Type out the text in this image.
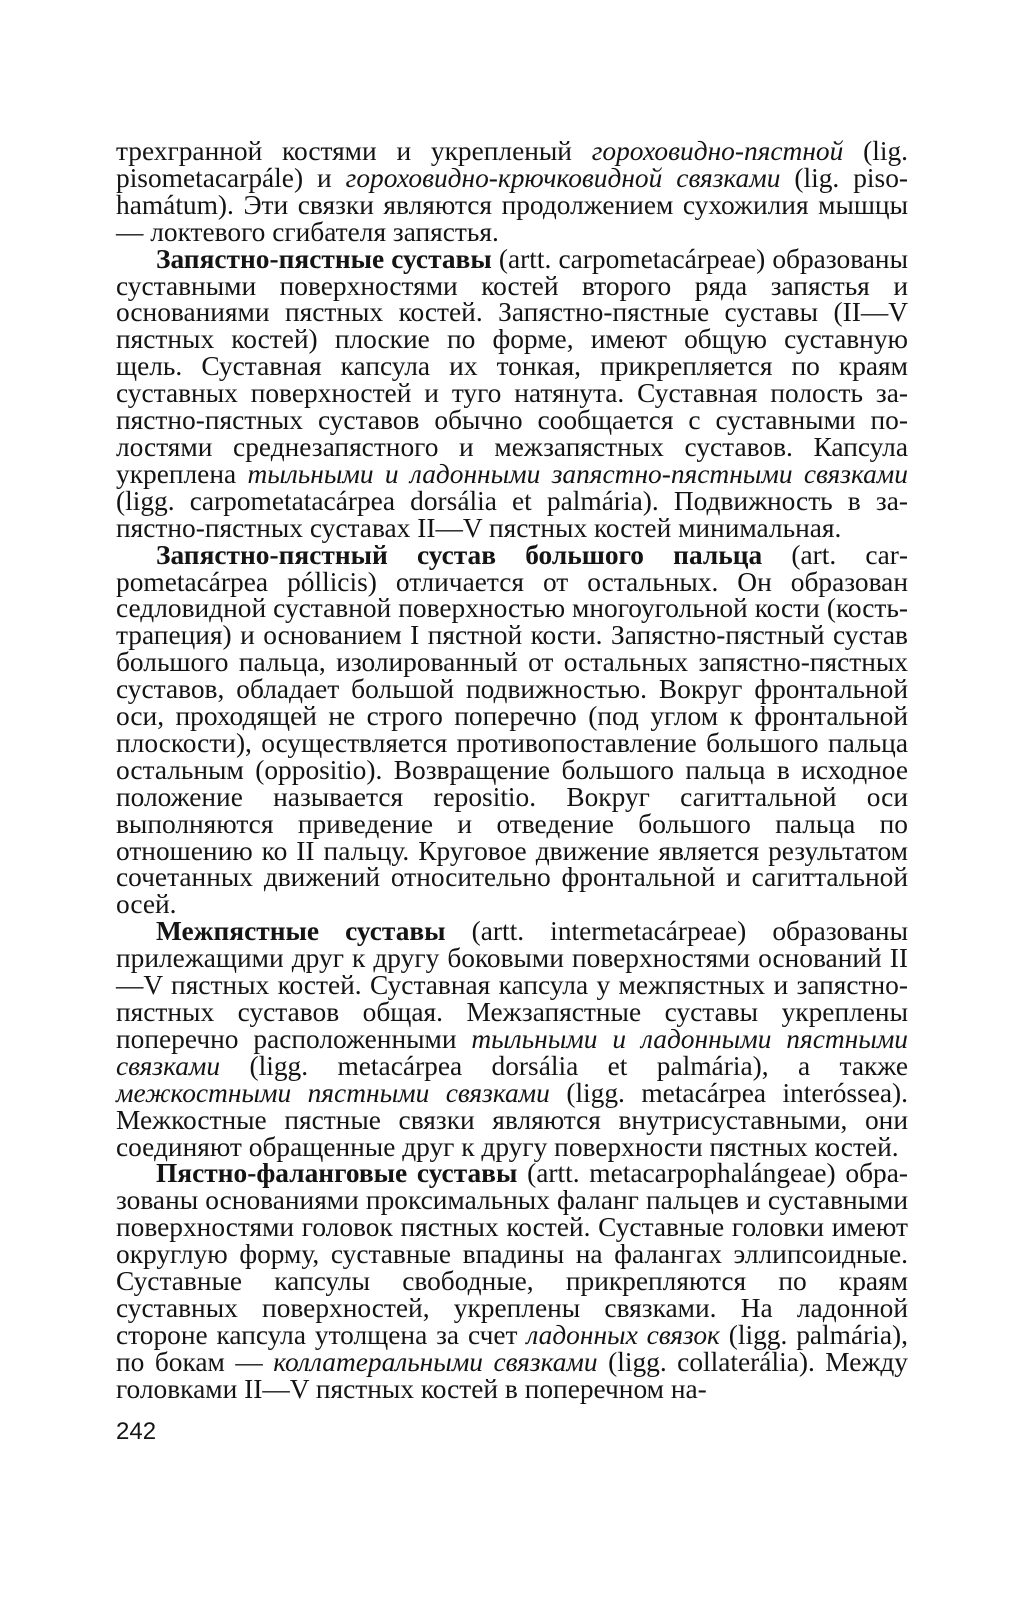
трехгранной костями и укрепленый гороховидно-пястной (lig. pisometacarpále) и гороховидно-крючковидной связками (lig. pisohamátum). Эти связки являются продолжением сухожилия мышцы — локтевого сгибателя запястья.

Запястно-пястные суставы (artt. carpometacárpeae) образованы суставными поверхностями костей второго ряда запястья и основаниями пястных костей. Запястно-пястные суставы (II—V пястных костей) плоские по форме, имеют общую суставную щель. Суставная капсула их тонкая, прикрепляется по краям суставных поверхностей и туго натянута. Суставная полость запястно-пястных суставов обычно сообщается с суставными полостями среднезапястного и межзапястных суставов. Капсула укреплена тыльными и ладонными запястно-пястными связками (ligg. carpometatacárpea dorsália et palmária). Подвижность в запястно-пястных суставах II—V пястных костей минимальная.

Запястно-пястный сустав большого пальца (art. carpometacárpea póllicis) отличается от остальных. Он образован седловидной суставной поверхностью многоугольной кости (кость-трапеция) и основанием I пястной кости. Запястно-пястный сустав большого пальца, изолированный от остальных запястно-пястных суставов, обладает большой подвижностью. Вокруг фронтальной оси, проходящей не строго поперечно (под углом к фронтальной плоскости), осуществляется противопоставление большого пальца остальным (oppositio). Возвращение большого пальца в исходное положение называется repositio. Вокруг сагиттальной оси выполняются приведение и отведение большого пальца по отношению ко II пальцу. Круговое движение является результатом сочетанных движений относительно фронтальной и сагиттальной осей.

Межпястные суставы (artt. intermetacárpeae) образованы прилежащими друг к другу боковыми поверхностями оснований II—V пястных костей. Суставная капсула у межпястных и запястно-пястных суставов общая. Межзапястные суставы укреплены поперечно расположенными тыльными и ладонными пястными связками (ligg. metacárpea dorsália et palmária), а также межкостными пястными связками (ligg. metacárpea interóssea). Межкостные пястные связки являются внутрисуставными, они соединяют обращенные друг к другу поверхности пястных костей.

Пястно-фаланговые суставы (artt. metacarpophalángeae) образованы основаниями проксимальных фаланг пальцев и суставными поверхностями головок пястных костей. Суставные головки имеют округлую форму, суставные впадины на фалангах эллипсоидные. Суставные капсулы свободные, прикрепляются по краям суставных поверхностей, укреплены связками. На ладонной стороне капсула утолщена за счет ладонных связок (ligg. palmária), по бокам — коллатеральными связками (ligg. collaterália). Между головками II—V пястных костей в поперечном на-

242
